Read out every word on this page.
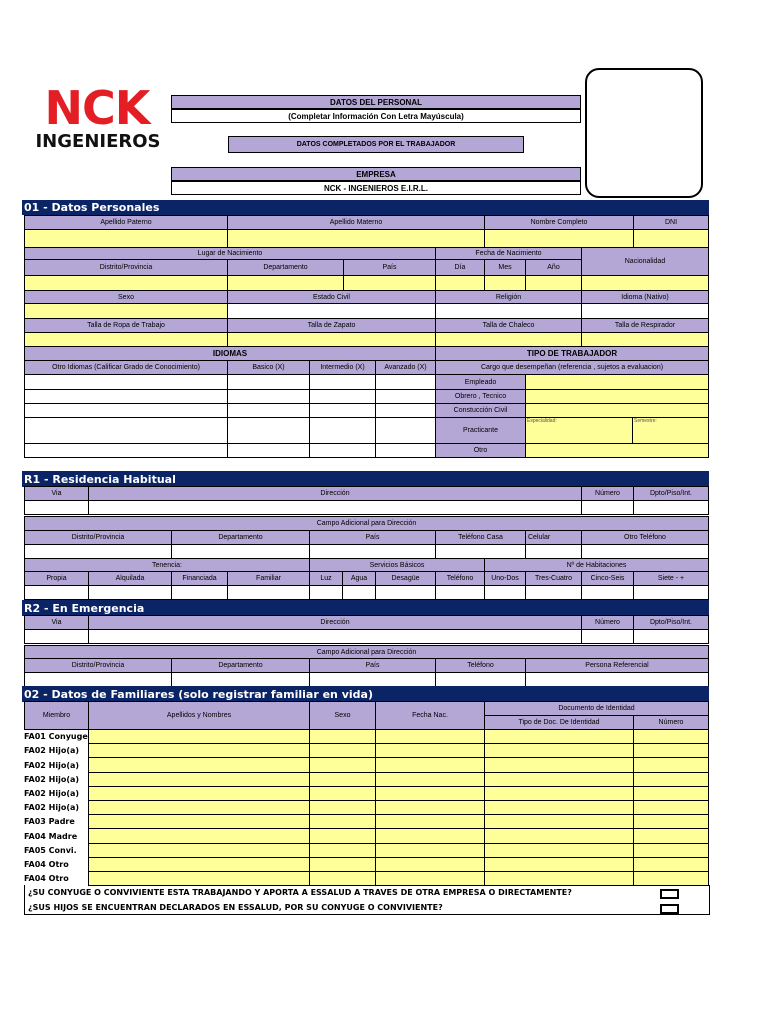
NCK
INGENIEROS
DATOS DEL PERSONAL
(Completar Información Con Letra Mayúscula)
DATOS COMPLETADOS POR EL TRABAJADOR
EMPRESA
NCK - INGENIEROS E.I.R.L.
01 - Datos Personales
Apellido Paterno	Apellido Materno	Nombre Completo	DNI
Lugar de Nacimiento	Fecha de Nacimiento
Nacionalidad
Distrito/Provincia	Departamento	País	Día	Mes	Año
Sexo	Estado Civil	Religión	Idioma (Nativo)
Talla de Ropa de Trabajo	Talla de Zapato	Talla de Chaleco	Talla de Respirador
IDIOMAS	TIPO DE TRABAJADOR
Otro Idiomas (Calificar Grado de Conocimiento)	Basico (X)	Intermedio (X)	Avanzado (X)	Cargo que desempeñan (referencia , sujetos a evaluacion)
Empleado
Obrero , Tecnico
Constucción Civil
Practicante
Especialidad:	Semestre:
Otro
R1 - Residencia Habitual
Via	Dirección	Número	Dpto/Piso/Int.
Campo Adicional para Dirección
Distrito/Provincia	Departamento	País	Teléfono Casa	Celular	Otro Teléfono
Tenencia:	Servicios Básicos	Nº de Habitaciones
Propia	Alquilada	Financiada	Familiar	Luz	Agua	Desagüe	Teléfono	Uno-Dos	Tres-Cuatro	Cinco-Seis	Siete - +
R2 - En Emergencia
Via	Dirección	Número	Dpto/Piso/Int.
Campo Adicional para Dirección
Distrito/Provincia	Departamento	País	Teléfono	Persona Referencial
02 - Datos de Familiares (solo registrar familiar en vida)
Miembro	Apellidos y Nombres	Sexo	Fecha Nac.
Documento de Identidad
Tipo de Doc. De Identidad	Número
FA01 Conyuge
FA02 Hijo(a)
FA02 Hijo(a)
FA02 Hijo(a)
FA02 Hijo(a)
FA02 Hijo(a)
FA03 Padre
FA04 Madre
FA05 Convi.
FA04 Otro
FA04 Otro
¿SU CONYUGE O CONVIVIENTE ESTA TRABAJANDO Y APORTA A ESSALUD A TRAVES DE OTRA EMPRESA O DIRECTAMENTE?
¿SUS HIJOS SE ENCUENTRAN DECLARADOS EN ESSALUD, POR SU CONYUGE O CONVIVIENTE?
